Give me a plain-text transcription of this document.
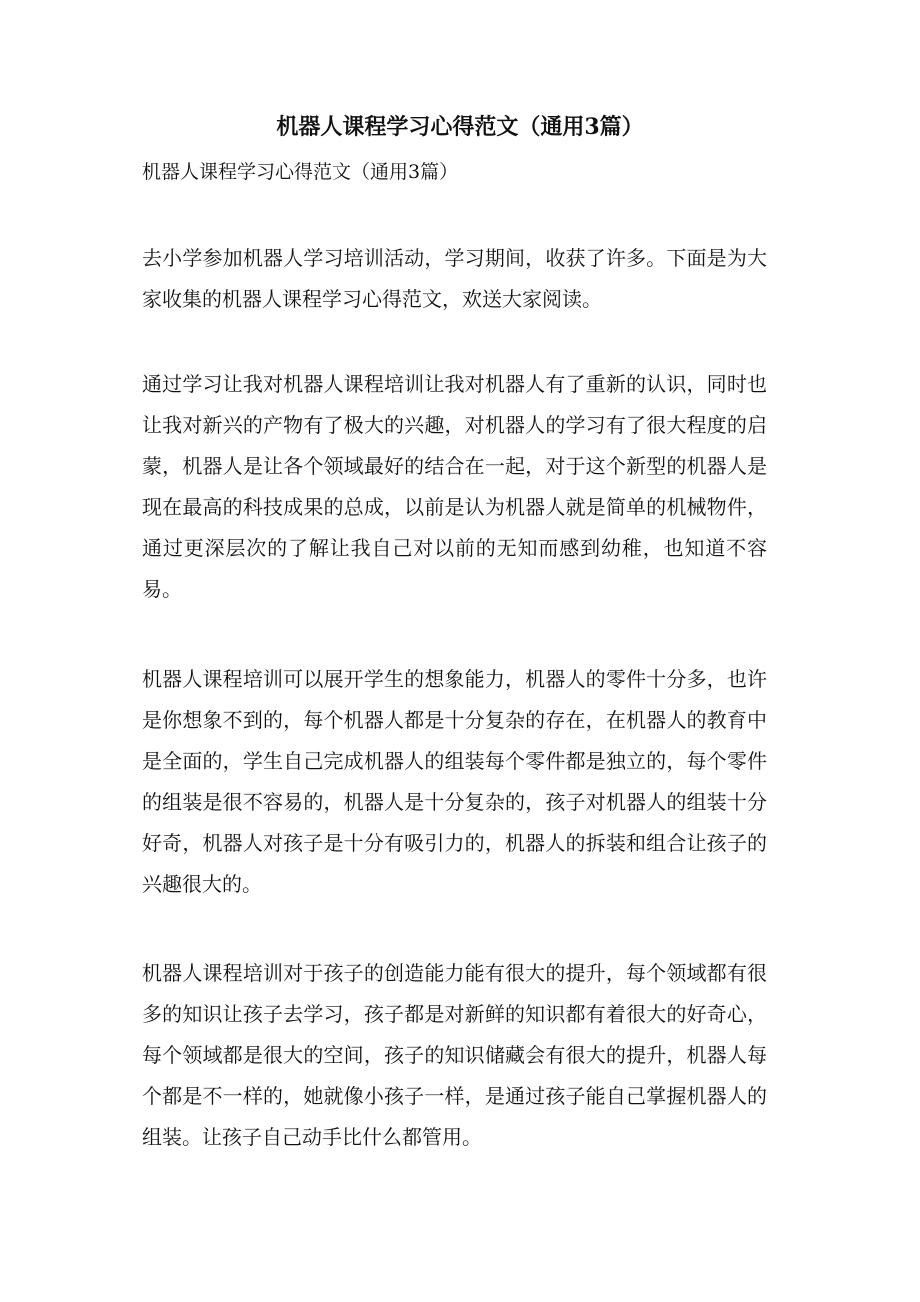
机器人课程学习心得范文（通用3篇）

机器人课程学习心得范文（通用3篇）

去小学参加机器人学习培训活动，学习期间，收获了许多。下面是为大家收集的机器人课程学习心得范文，欢送大家阅读。

通过学习让我对机器人课程培训让我对机器人有了重新的认识，同时也让我对新兴的产物有了极大的兴趣，对机器人的学习有了很大程度的启蒙，机器人是让各个领域最好的结合在一起，对于这个新型的机器人是现在最高的科技成果的总成，以前是认为机器人就是简单的机械物件，通过更深层次的了解让我自己对以前的无知而感到幼稚，也知道不容易。

机器人课程培训可以展开学生的想象能力，机器人的零件十分多，也许是你想象不到的，每个机器人都是十分复杂的存在，在机器人的教育中是全面的，学生自己完成机器人的组装每个零件都是独立的，每个零件的组装是很不容易的，机器人是十分复杂的，孩子对机器人的组装十分好奇，机器人对孩子是十分有吸引力的，机器人的拆装和组合让孩子的兴趣很大的。

机器人课程培训对于孩子的创造能力能有很大的提升，每个领域都有很多的知识让孩子去学习，孩子都是对新鲜的知识都有着很大的好奇心，每个领域都是很大的空间，孩子的知识储藏会有很大的提升，机器人每个都是不一样的，她就像小孩子一样，是通过孩子能自己掌握机器人的组装。让孩子自己动手比什么都管用。
